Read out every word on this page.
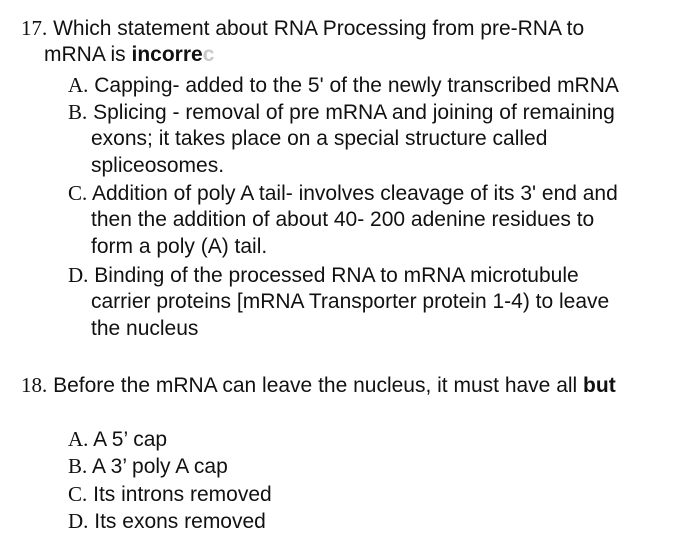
17. Which statement about RNA Processing from pre-RNA to
mRNA is incorrec
A. Capping- added to the 5' of the newly transcribed mRNA
B. Splicing - removal of pre mRNA and joining of remaining
exons; it takes place on a special structure called
spliceosomes.
C. Addition of poly A tail- involves cleavage of its 3' end and
then the addition of about 40- 200 adenine residues to
form a poly (A) tail.
D. Binding of the processed RNA to mRNA microtubule
carrier proteins [mRNA Transporter protein 1-4) to leave
the nucleus
18. Before the mRNA can leave the nucleus, it must have all but
A. A 5’ cap
B. A 3’ poly A cap
C. Its introns removed
D. Its exons removed
